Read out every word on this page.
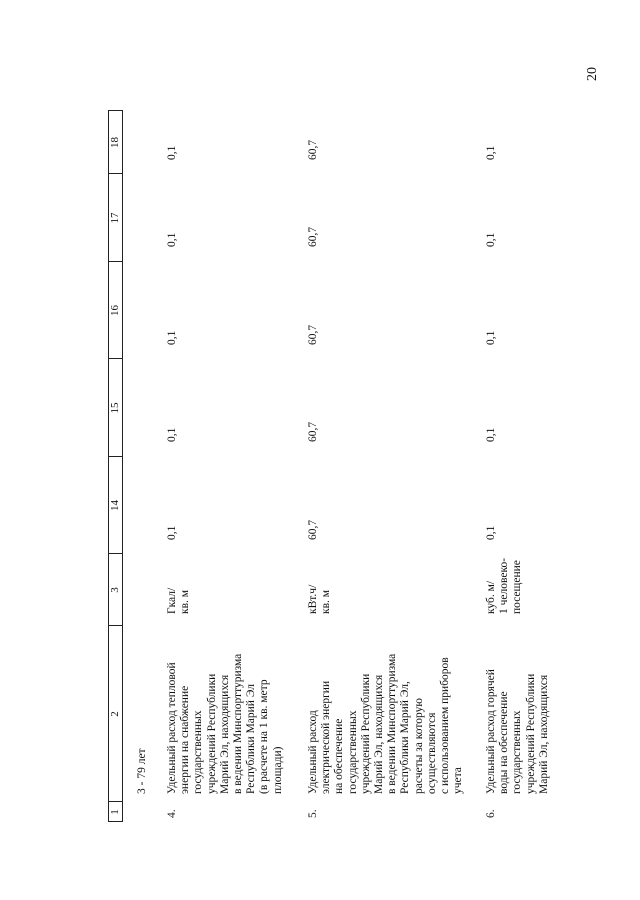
20
1
2
3
14
15
16
17
18
3 - 79 лет
4.
Удельный расход тепловой энергии на снабжение государственных учреждений Республики Марий Эл, находящихся в ведении Минспорттуризма Республики Марий Эл (в расчете на 1 кв. метр площади)
Гкал/ кв. м
0,1
0,1
0,1
0,1
0,1
5.
Удельный расход электрической энергии на обеспечение государственных учреждений Республики Марий Эл, находящихся в ведении Минспорттуризма Республики Марий Эл, расчеты за которую осуществляются с использованием приборов учета
кВт.ч/ кв. м
60,7
60,7
60,7
60,7
60,7
6.
Удельный расход горячей воды на обеспечение государственных учреждений Республики Марий Эл, находящихся
куб. м/ 1 человеко- посещение
0,1
0,1
0,1
0,1
0,1
